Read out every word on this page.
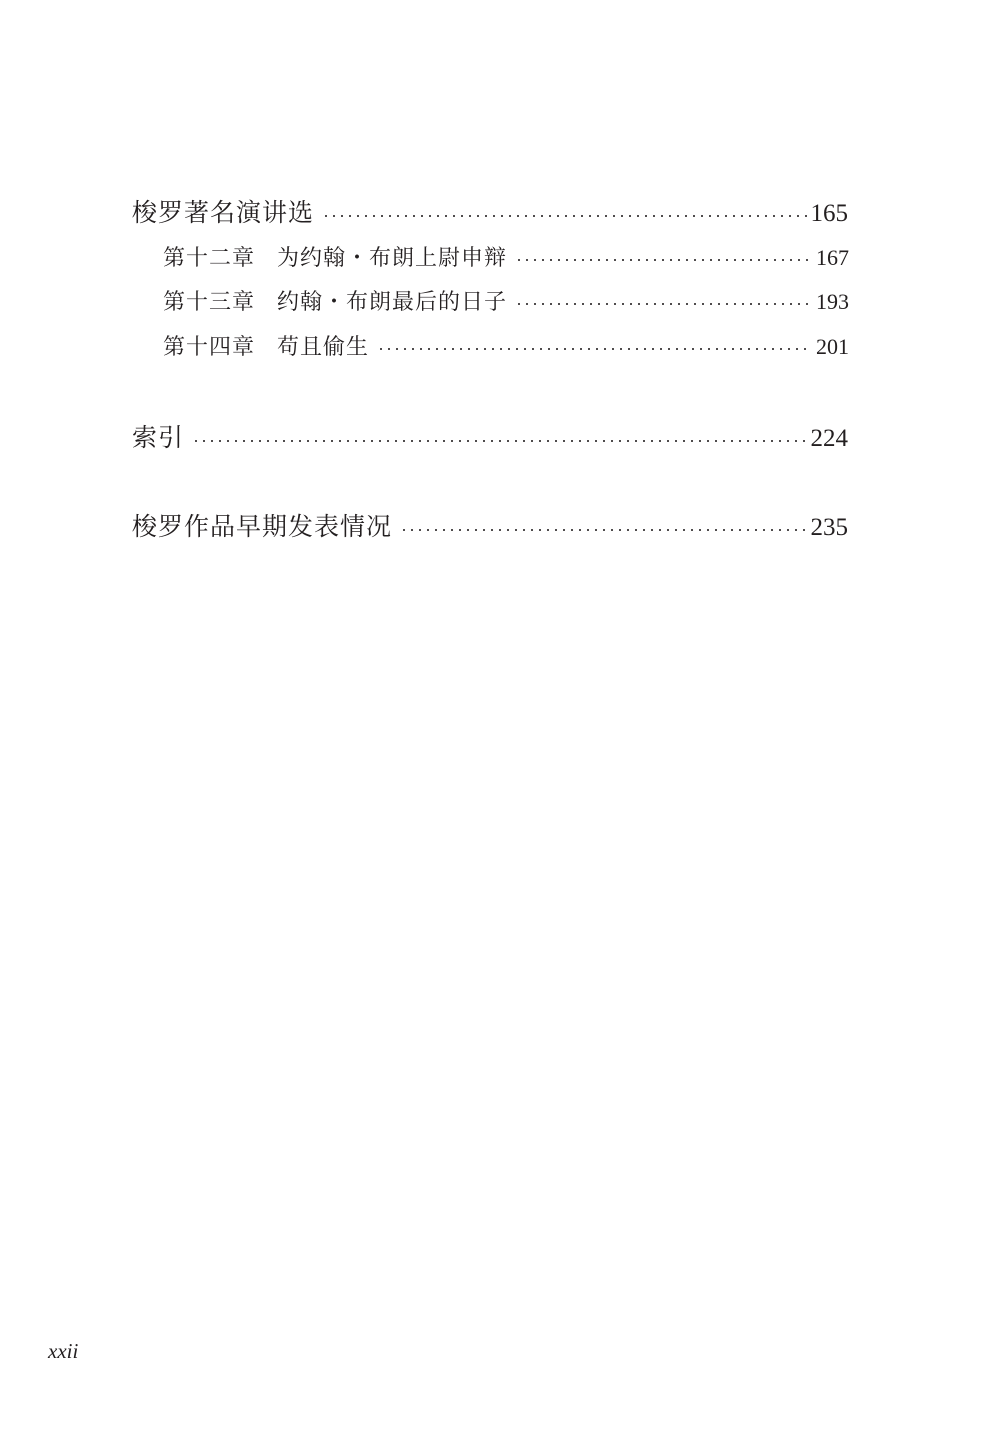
梭罗著名演讲选	165
第十二章 为约翰・布朗上尉申辩	167
第十三章 约翰・布朗最后的日子	193
第十四章 苟且偷生	201
索引	224
梭罗作品早期发表情况	235
xxii
